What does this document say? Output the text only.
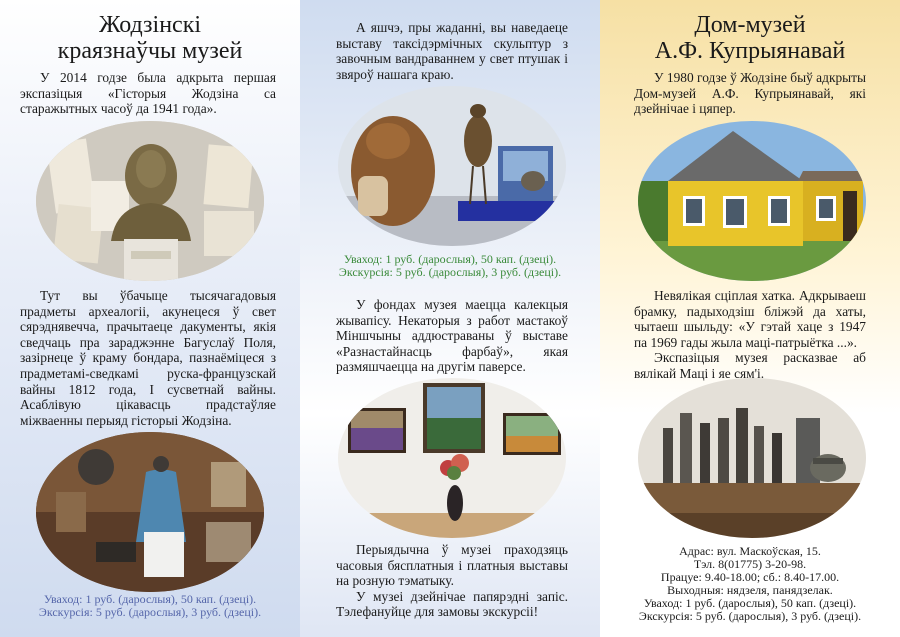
Жодзінскі
краязнаўчы музей

У 2014 годзе была адкрыта першая экспазіцыя «Гісторыя Жодзіна са старажытных часоў да 1941 года».

Тут вы ўбачыце тысячагадовыя прадметы археалогіі, акунецеся ў свет сярэднявечча, прачытаеце дакументы, якія сведчаць пра зараджэнне Багуслаў Поля, зазірнеце ў краму бондара, пазнаёміцеся з прадметамі-сведкамі руска-французскай вайны 1812 года, І сусветнай вайны. Асаблівую цікавасць прадстаўляе міжваенны перыяд гісторыі Жодзіна.

Уваход: 1 руб. (дарослыя), 50 кап. (дзеці).
Экскурсія: 5 руб. (дарослыя), 3 руб. (дзеці).

А яшчэ, пры жаданні, вы наведаеце выставу таксідэрмічных скульптур з завочным вандраваннем у свет птушак і звяроў нашага краю.

Уваход: 1 руб. (дарослыя), 50 кап. (дзеці).
Экскурсія: 5 руб. (дарослыя), 3 руб. (дзеці).

У фондах музея маецца калекцыя жывапісу. Некаторыя з работ мастакоў Міншчыны аддюстраваны ў выставе «Разнастайнасць фарбаў», якая размяшчаецца на другім паверсе.

Перыядычна ў музеі праходзяць часовыя бясплатныя і платныя выставы на розную тэматыку.

У музеі дзейнічае папярэдні запіс. Тэлефануйце для замовы экскурсіі!

Дом-музей
А.Ф. Купрыянавай

У 1980 годзе ў Жодзіне быў адкрыты Дом-музей А.Ф. Купрыянавай, які дзейнічае і цяпер.

Невялікая сціплая хатка. Адкрываеш брамку, падыходзіш бліжэй да хаты, чытаеш шыльду: «У гэтай хаце з 1947 па 1969 гады жыла маці-патрыётка ...».

Экспазіцыя музея расказвае аб вялікай Маці і яе сям'і.

Адрас: вул. Маскоўская, 15.
Тэл. 8(01775) 3-20-98.
Працуе: 9.40-18.00; сб.: 8.40-17.00.
Выходныя: нядзеля, панядзелак.
Уваход: 1 руб. (дарослыя), 50 кап. (дзеці).
Экскурсія: 5 руб. (дарослыя), 3 руб. (дзеці).
